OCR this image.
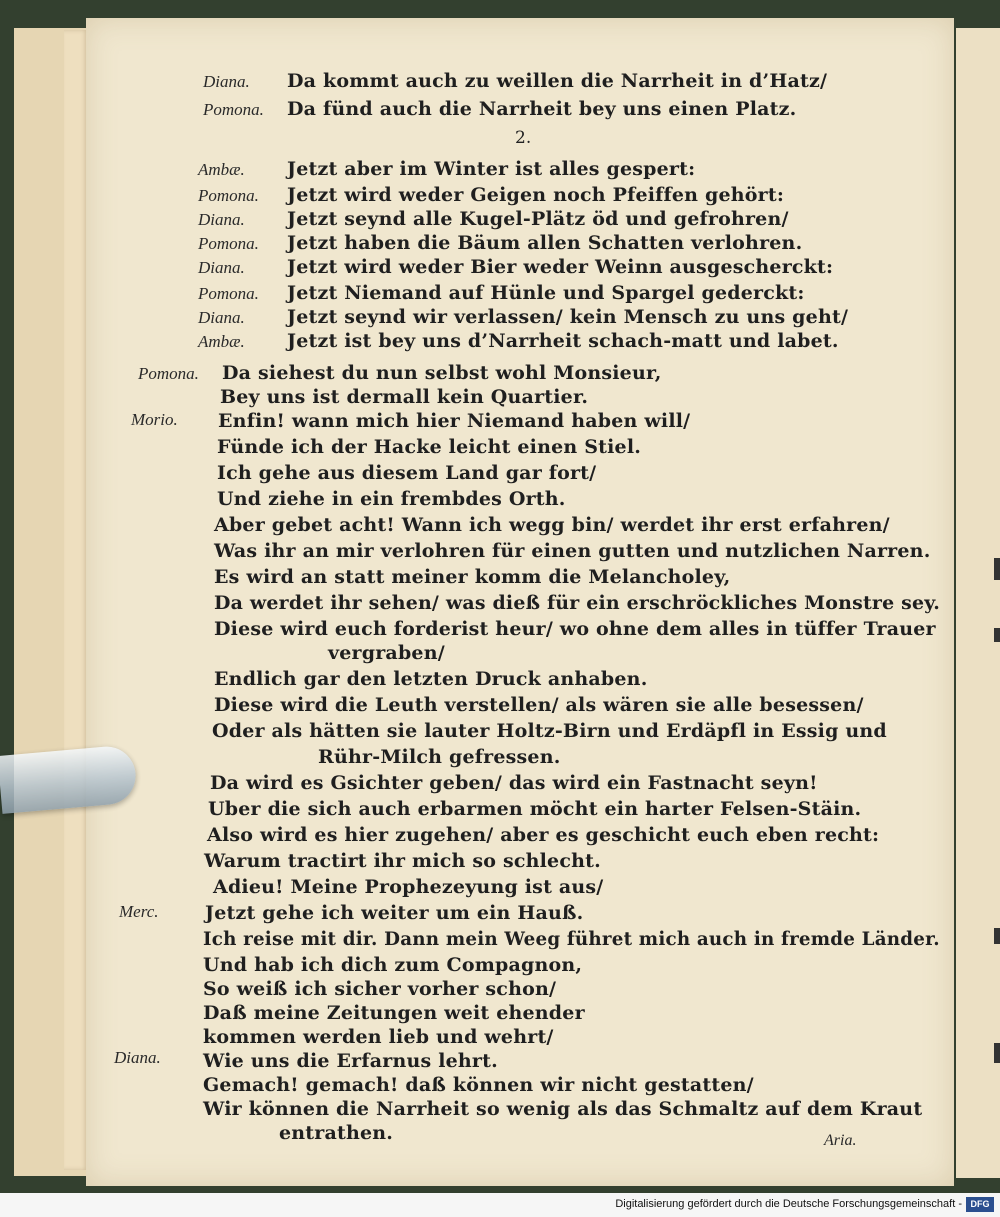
2.
Diana.
Pomona.
Ambæ.
Pomona.
Diana.
Pomona.
Diana.
Pomona.
Diana.
Ambæ.
Pomona.
Morio.
Merc.
Diana.
Da kommt auch zu weillen die Narrheit in d’Hatz/
Da fünd auch die Narrheit bey uns einen Platz.
Jetzt aber im Winter ist alles gespert:
Jetzt wird weder Geigen noch Pfeiffen gehört:
Jetzt seynd alle Kugel-Plätz öd und gefrohren/
Jetzt haben die Bäum allen Schatten verlohren.
Jetzt wird weder Bier weder Weinn ausgescherckt:
Jetzt Niemand auf Hünle und Spargel gederckt:
Jetzt seynd wir verlassen/ kein Mensch zu uns geht/
Jetzt ist bey uns d’Narrheit schach-matt und labet.
Da siehest du nun selbst wohl Monsieur,
Bey uns ist dermall kein Quartier.
Enfin! wann mich hier Niemand haben will/
Fünde ich der Hacke leicht einen Stiel.
Ich gehe aus diesem Land gar fort/
Und ziehe in ein frembdes Orth.
Aber gebet acht! Wann ich wegg bin/ werdet ihr erst erfahren/
Was ihr an mir verlohren für einen gutten und nutzlichen Narren.
Es wird an statt meiner komm die Melancholey,
Da werdet ihr sehen/ was dieß für ein erschröckliches Monstre sey.
Diese wird euch forderist heur/ wo ohne dem alles in tüffer Trauer
vergraben/
Endlich gar den letzten Druck anhaben.
Diese wird die Leuth verstellen/ als wären sie alle besessen/
Oder als hätten sie lauter Holtz-Birn und Erdäpfl in Essig und
Rühr-Milch gefressen.
Da wird es Gsichter geben/ das wird ein Fastnacht seyn!
Uber die sich auch erbarmen möcht ein harter Felsen-Stäin.
Also wird es hier zugehen/ aber es geschicht euch eben recht:
Warum tractirt ihr mich so schlecht.
Adieu! Meine Prophezeyung ist aus/
Jetzt gehe ich weiter um ein Hauß.
Ich reise mit dir. Dann mein Weeg führet mich auch in fremde Länder.
Und hab ich dich zum Compagnon,
So weiß ich sicher vorher schon/
Daß meine Zeitungen weit ehender
kommen werden lieb und wehrt/
Wie uns die Erfarnus lehrt.
Gemach! gemach! daß können wir nicht gestatten/
Wir können die Narrheit so wenig als das Schmaltz auf dem Kraut
entrathen.	Aria.
Digitalisierung gefördert durch die Deutsche Forschungsgemeinschaft - DFG
